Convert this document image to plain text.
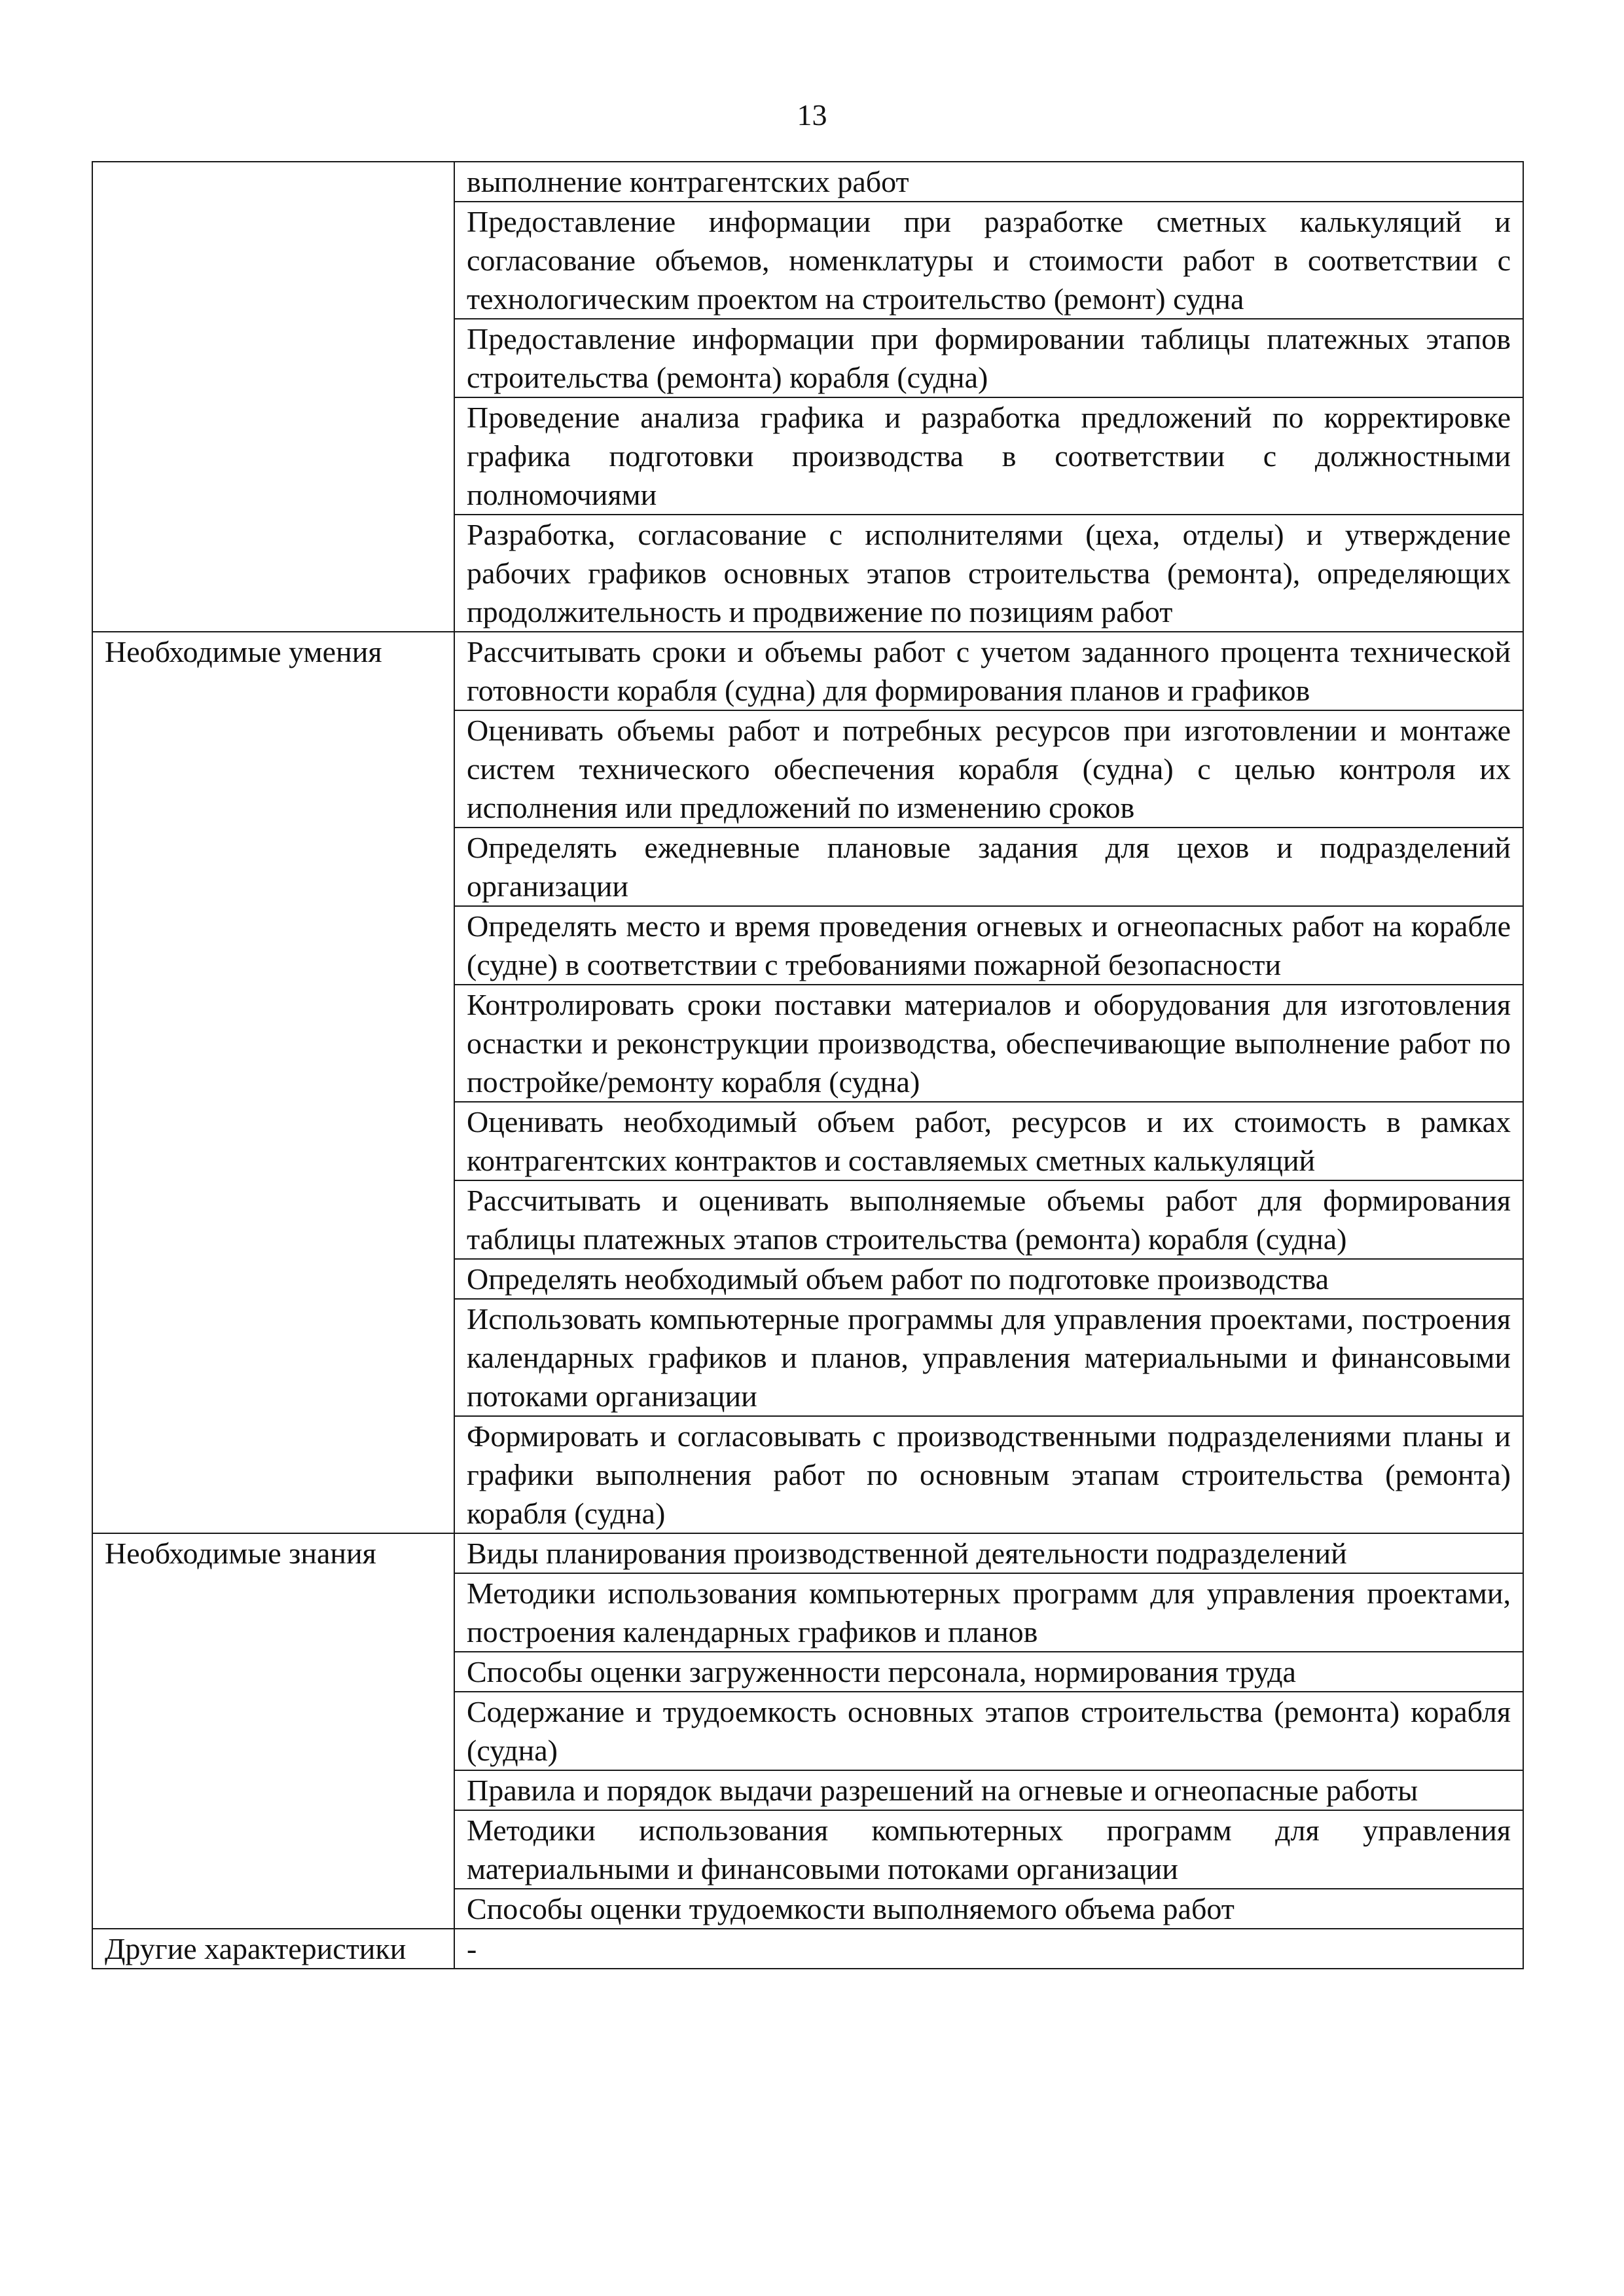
13
	выполнение контрагентских работ
	Предоставление информации при разработке сметных калькуляций и согласование объемов, номенклатуры и стоимости работ в соответствии с технологическим проектом на строительство (ремонт) судна
	Предоставление информации при формировании таблицы платежных этапов строительства (ремонта) корабля (судна)
	Проведение анализа графика и разработка предложений по корректировке графика подготовки производства в соответствии с должностными полномочиями
	Разработка, согласование с исполнителями (цеха, отделы) и утверждение рабочих графиков основных этапов строительства (ремонта), определяющих продолжительность и продвижение по позициям работ
Необходимые умения	Рассчитывать сроки и объемы работ с учетом заданного процента технической готовности корабля (судна) для формирования планов и графиков
	Оценивать объемы работ и потребных ресурсов при изготовлении и монтаже систем технического обеспечения корабля (судна) с целью контроля их исполнения или предложений по изменению сроков
	Определять ежедневные плановые задания для цехов и подразделений организации
	Определять место и время проведения огневых и огнеопасных работ на корабле (судне) в соответствии с требованиями пожарной безопасности
	Контролировать сроки поставки материалов и оборудования для изготовления оснастки и реконструкции производства, обеспечивающие выполнение работ по постройке/ремонту корабля (судна)
	Оценивать необходимый объем работ, ресурсов и их стоимость в рамках контрагентских контрактов и составляемых сметных калькуляций
	Рассчитывать и оценивать выполняемые объемы работ для формирования таблицы платежных этапов строительства (ремонта) корабля (судна)
	Определять необходимый объем работ по подготовке производства
	Использовать компьютерные программы для управления проектами, построения календарных графиков и планов, управления материальными и финансовыми потоками организации
	Формировать и согласовывать с производственными подразделениями планы и графики выполнения работ по основным этапам строительства (ремонта) корабля (судна)
Необходимые знания	Виды планирования производственной деятельности подразделений
	Методики использования компьютерных программ для управления проектами, построения календарных графиков и планов
	Способы оценки загруженности персонала, нормирования труда
	Содержание и трудоемкость основных этапов строительства (ремонта) корабля (судна)
	Правила и порядок выдачи разрешений на огневые и огнеопасные работы
	Методики использования компьютерных программ для управления материальными и финансовыми потоками организации
	Способы оценки трудоемкости выполняемого объема работ
Другие характеристики	-
